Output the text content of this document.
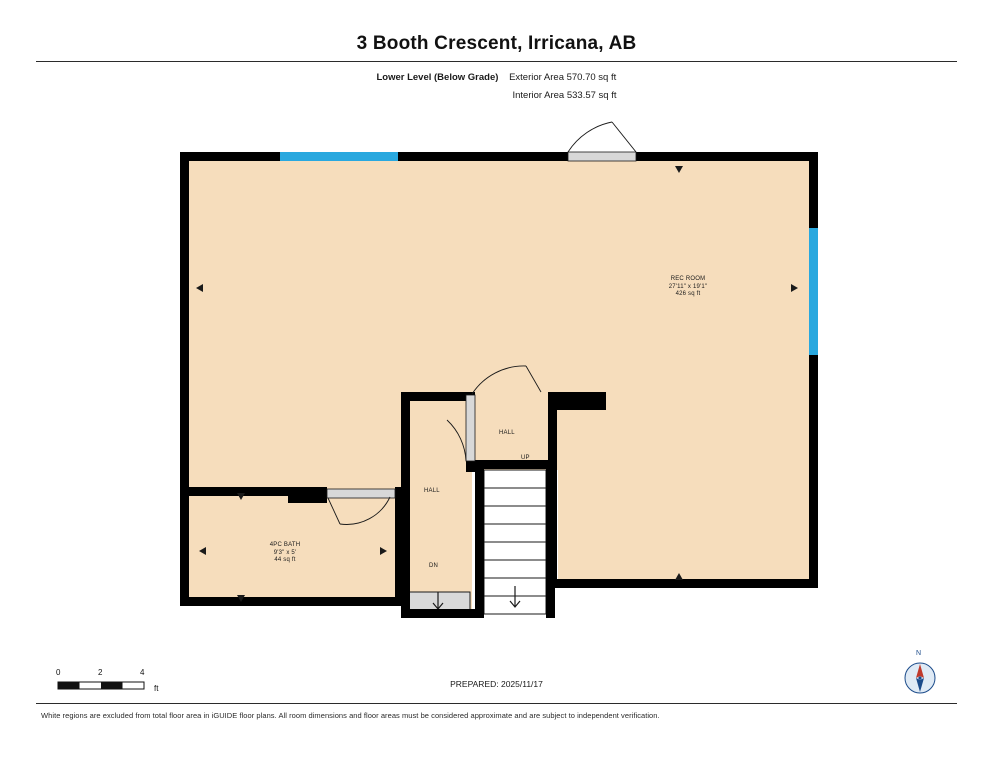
3 Booth Crescent, Irricana, AB
Lower Level (Below Grade) Exterior Area 570.70 sq ft
Interior Area 533.57 sq ft
REC ROOM
27'11" x 19'1"
426 sq ft
4PC BATH
9'3" x 5'
44 sq ft
HALL
HALL
UP
DN
0	2	4
ft
N
PREPARED: 2025/11/17
White regions are excluded from total floor area in iGUIDE floor plans. All room dimensions and floor areas must be considered approximate and are subject to independent verification.
